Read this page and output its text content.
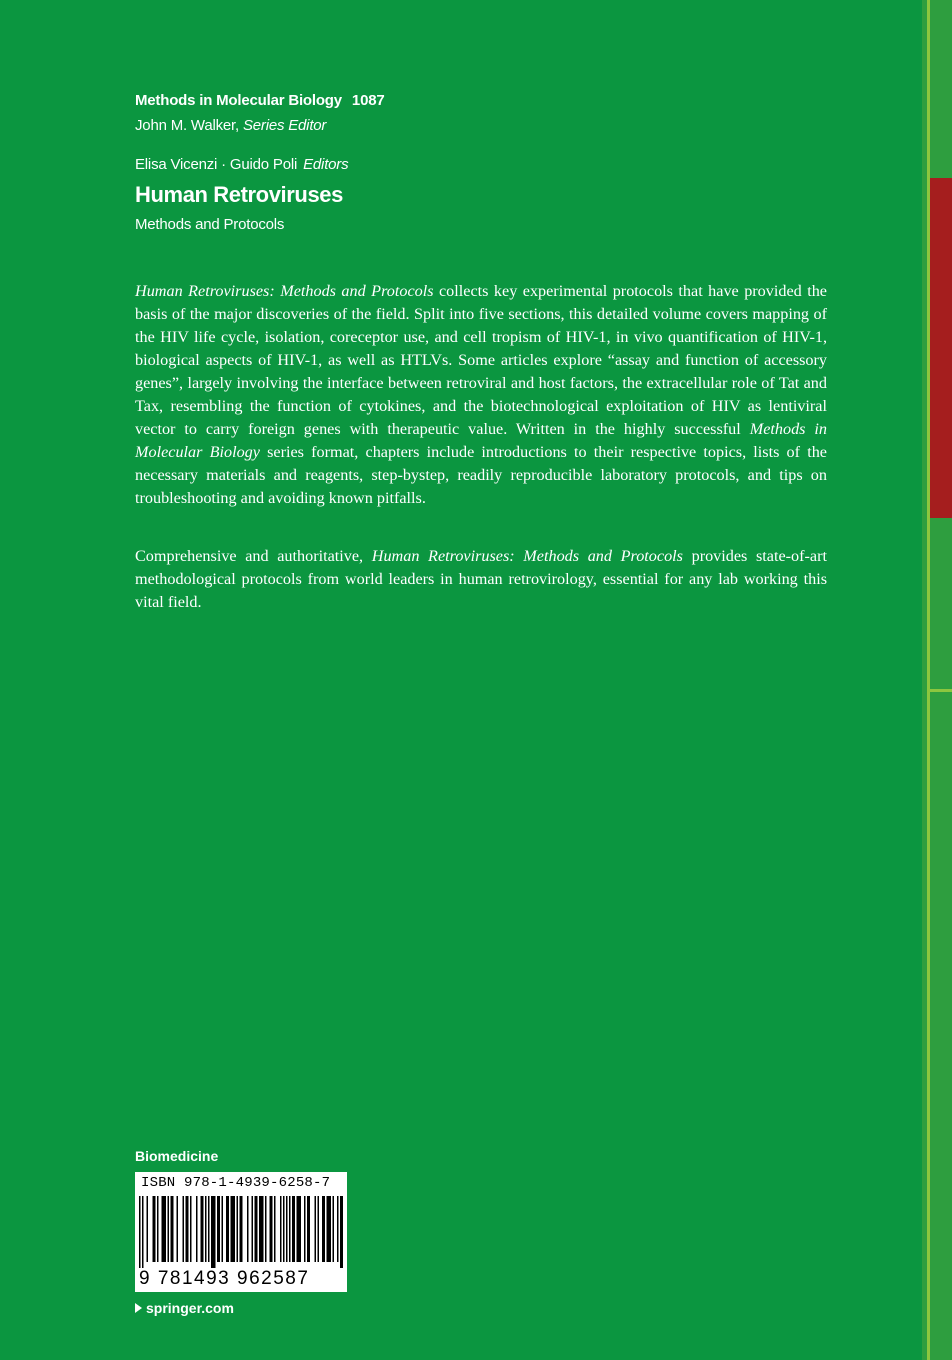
Methods in Molecular Biology 1087
John M. Walker, Series Editor
Elisa Vicenzi · Guido Poli Editors
Human Retroviruses
Methods and Protocols

Human Retroviruses: Methods and Protocols collects key experimental protocols that have provided the basis of the major discoveries of the field. Split into five sections, this detailed volume covers mapping of the HIV life cycle, isolation, coreceptor use, and cell tropism of HIV-1, in vivo quantification of HIV-1, biological aspects of HIV-1, as well as HTLVs. Some articles explore “assay and function of accessory genes”, largely involving the interface between retroviral and host factors, the extracellular role of Tat and Tax, resembling the function of cytokines, and the biotechnological exploitation of HIV as lentiviral vector to carry foreign genes with therapeutic value. Written in the highly successful Methods in Molecular Biology series format, chapters include introductions to their respective topics, lists of the necessary materials and reagents, step-bystep, readily reproducible laboratory protocols, and tips on troubleshooting and avoiding known pitfalls.

Comprehensive and authoritative, Human Retroviruses: Methods and Protocols provides state-of-art methodological protocols from world leaders in human retrovirology, essential for any lab working this vital field.

Biomedicine
ISBN 978-1-4939-6258-7
9 781493 962587
springer.com
